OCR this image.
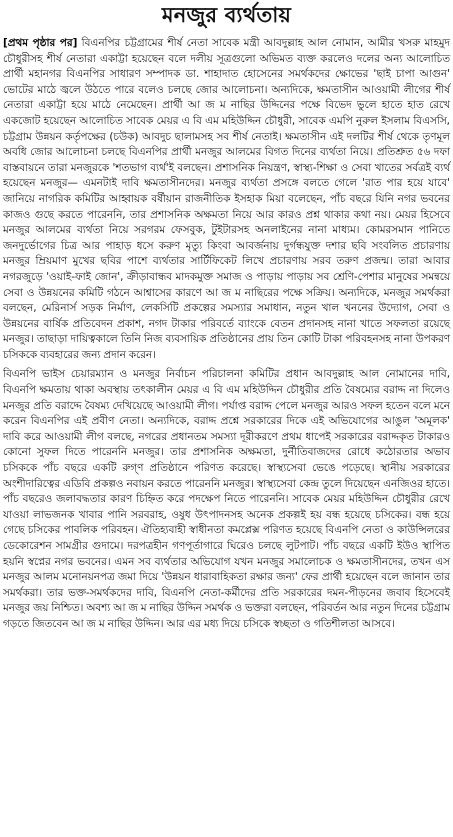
মনজুর ব্যর্থতায়

[প্রথম পৃষ্ঠার পর] বিএনপির চট্টগ্রামের শীর্ষ নেতা সাবেক মন্ত্রী আবদুল্লাহ আল নোমান, আমীর খসরু মাহমুদ চৌধুরীসহ শীর্ষ নেতারা একাট্টা হয়েছেন বলে দলীয় সূত্রগুলো অভিমত ব্যক্ত করলেও দলের অন্য আলোচিত প্রার্থী মহানগর বিএনপির সাধারণ সম্পাদক ডা. শাহাদাত হোসেনের সমর্থকদের ক্ষোভের 'ছাই চাপা আগুন' ভোটের মাঠে জ্বলে উঠতে পারে বলেও চলছে জোর আলোচনা। অন্যদিকে, ক্ষমতাসীন আওয়ামী লীগের শীর্ষ নেতারা একাট্টা হয়ে মাঠে নেমেছেন। প্রার্থী আ জ ম নাছির উদ্দিনের পক্ষে বিভেদ ভুলে হাতে হাত রেখে একজোট হয়েছেন আলোচিত সাবেক মেয়র এ বি এম মহিউদ্দিন চৌধুরী, সাবেক এমপি নুরুল ইসলাম বিএসসি, চট্টগ্রাম উন্নয়ন কর্তৃপক্ষের (চউক) আবদুচ ছালামসহ সব শীর্ষ নেতাই। ক্ষমতাসীন এই দলটির শীর্ষ থেকে তৃণমূল অবধি জোর আলোচনা চলছে বিএনপির প্রার্থী মনজুর আলমের বিগত দিনের ব্যর্থতা নিয়ে। প্রতিশ্রুত ৫৬ দফা বাস্তবায়নে তারা মনজুরকে 'শতভাগ ব্যর্থ'ই বলছেন। প্রশাসনিক নিয়ন্ত্রণ, স্বাস্থ্য-শিক্ষা ও সেবা খাতের সর্বত্রই ব্যর্থ হয়েছেন মনজুর— এমনটাই দাবি ক্ষমতাসীনদের। মনজুর ব্যর্থতা প্রসঙ্গে বলতে গেলে 'রাত পার হয়ে যাবে' জানিয়ে নাগরিক কমিটির আহ্বায়ক বর্ষীয়ান রাজনীতিক ইসহাক মিয়া বলেছেন, পাঁচ বছরে যিনি নগর ভবনের কাজও গুছে করতে পারেননি, তার প্রশাসনিক অক্ষমতা নিয়ে আর কারও প্রশ্ন থাকার কথা নয়। মেয়র হিসেবে মনজুর আলমের ব্যর্থতা নিয়ে সরগরম ফেসবুক, টুইটারসহ অনলাইনের নানা মাধ্যম। কোমরসমান পানিতে জনদুর্ভোগের চিত্র আর পাহাড় ধসে করুণ মৃত্যু কিংবা আবর্জনায় দুর্গন্ধযুক্ত দশার ছবি সংবলিত প্রচারণায় মনজুর ম্রিয়মাণ মুখের ছবির পাশে ব্যর্থতার সার্টিফিকেট লিখে প্রচারণায় সরব তরুণ প্রজন্ম। তারা আবার নগরজুড়ে 'ওয়াই-ফাই জোন', ক্রীড়াবান্ধব মাদকমুক্ত সমাজ ও পাড়ায় পাড়ায় সব শ্রেণি-পেশার মানুষের সমন্বয়ে সেবা ও উন্নয়নের কমিটি গঠনে আশ্বাসের কারণে আ জ ম নাছিরের পক্ষে সক্রিয়। অন্যদিকে, মনজুর সমর্থকরা বলছেন, মেরিনার্স সড়ক নির্মাণ, লেকসিটি প্রকল্পের সমস্যার সমাধান, নতুন খাল খননের উদ্যোগ, সেবা ও উন্নয়নের বার্ষিক প্রতিবেদন প্রকাশ, নগদ টাকার পরিবর্তে ব্যাংকে বেতন প্রদানসহ নানা খাতে সফলতা রয়েছে মনজুর। তাছাড়া দায়িত্বকালে তিনি নিজ ব্যবসায়িক প্রতিষ্ঠানের প্রায় তিন কোটি টাকা পরিবহনসহ নানা উপকরণ চসিককে ব্যবহারের জন্য প্রদান করেন।

বিএনপি ভাইস চেয়ারম্যান ও মনজুর নির্বাচন পরিচালনা কমিটির প্রধান আবদুল্লাহ আল নোমানের দাবি, বিএনপি ক্ষমতায় থাকা অবস্থায় তৎকালীন মেয়র এ বি এম মহিউদ্দিন চৌধুরীর প্রতি বৈষম্যের বরাদ্দ না দিলেও মনজুর প্রতি বরাদ্দে বৈষম্য দেখিয়েছে আওয়ামী লীগ। পর্যাপ্ত বরাদ্দ পেলে মনজুর আরও সফল হতেন বলে মনে করেন বিএনপির এই প্রবীণ নেতা। অন্যদিকে, বরাদ্দ প্রশ্নে সরকারের দিকে এই অভিযোগের আঙুল 'অমূলক' দাবি করে আওয়ামী লীগ বলছে, নগরের প্রধানতম সমস্যা দূরীকরণে প্রথম ধাপেই সরকারের বরাদ্দকৃত টাকারও কোনো সুফল দিতে পারেননি মনজুর। তার প্রশাসনিক অক্ষমতা, দুর্নীতিবাজদের রোধে কঠোরতার অভাব চসিককে পাঁচ বছরে একটি রুগ্ণ প্রতিষ্ঠানে পরিণত করেছে। স্বাস্থ্যসেবা ভেঙে পড়েছে। স্থানীয় সরকারের অংশীদারিত্বের এডিবি প্রকল্পও নবায়ন করতে পারেননি মনজুর। স্বাস্থ্যসেবা কেন্দ্র তুলে দিয়েছেন এনজিওর হাতে। পাঁচ বছরেও জলাবদ্ধতার কারণ চিহ্নিত করে পদক্ষেপ নিতে পারেননি। সাবেক মেয়র মহিউদ্দিন চৌধুরীর রেখে যাওয়া লাভজনক খাবার পানি সরবরাহ, ওষুধ উৎপাদনসহ অনেক প্রকল্পই হয় বন্ধ হয়েছে চসিকের। বন্ধ হয়ে গেছে চসিকের পাবলিক পরিবহন। ঐতিহ্যবাহী স্বাধীনতা কমপ্লেক্স পরিণত হয়েছে বিএনপি নেতা ও কাউন্সিলরের ডেকোরেশন সামগ্রীর গুদামে। দরপত্রহীন গণপূর্তাগারে ঘিরেও চলছে লুটপাট। পাঁচ বছরে একটি ইউও স্থাপিত হয়নি স্বপ্নের নগর ভবনের। এমন সব ব্যর্থতার অভিযোগ যখন মনজুর সমালোচক ও ক্ষমতাসীনদের, তখন এস মনজুর আলম মনোনয়নপত্র জমা দিয়ে 'উন্নয়ন ধারাবাহিকতা রক্ষার জন্য' ফের প্রার্থী হয়েছেন বলে জানান তার সমর্থকরা। তার ভক্ত-সমর্থকদের দাবি, বিএনপি নেতা-কর্মীদের প্রতি সরকারের দমন-পীড়নের জবাব হিসেবেই মনজুর জয় নিশ্চিত। অবশ্য আ জ ম নাছির উদ্দিন সমর্থক ও ভক্তরা বলছেন, পরিবর্তন আর নতুন দিনের চট্টগ্রাম গড়তে জিতবেন আ জ ম নাছির উদ্দিন। আর এর মধ্য দিয়ে চসিকে স্বচ্ছতা ও গতিশীলতা আসবে।
